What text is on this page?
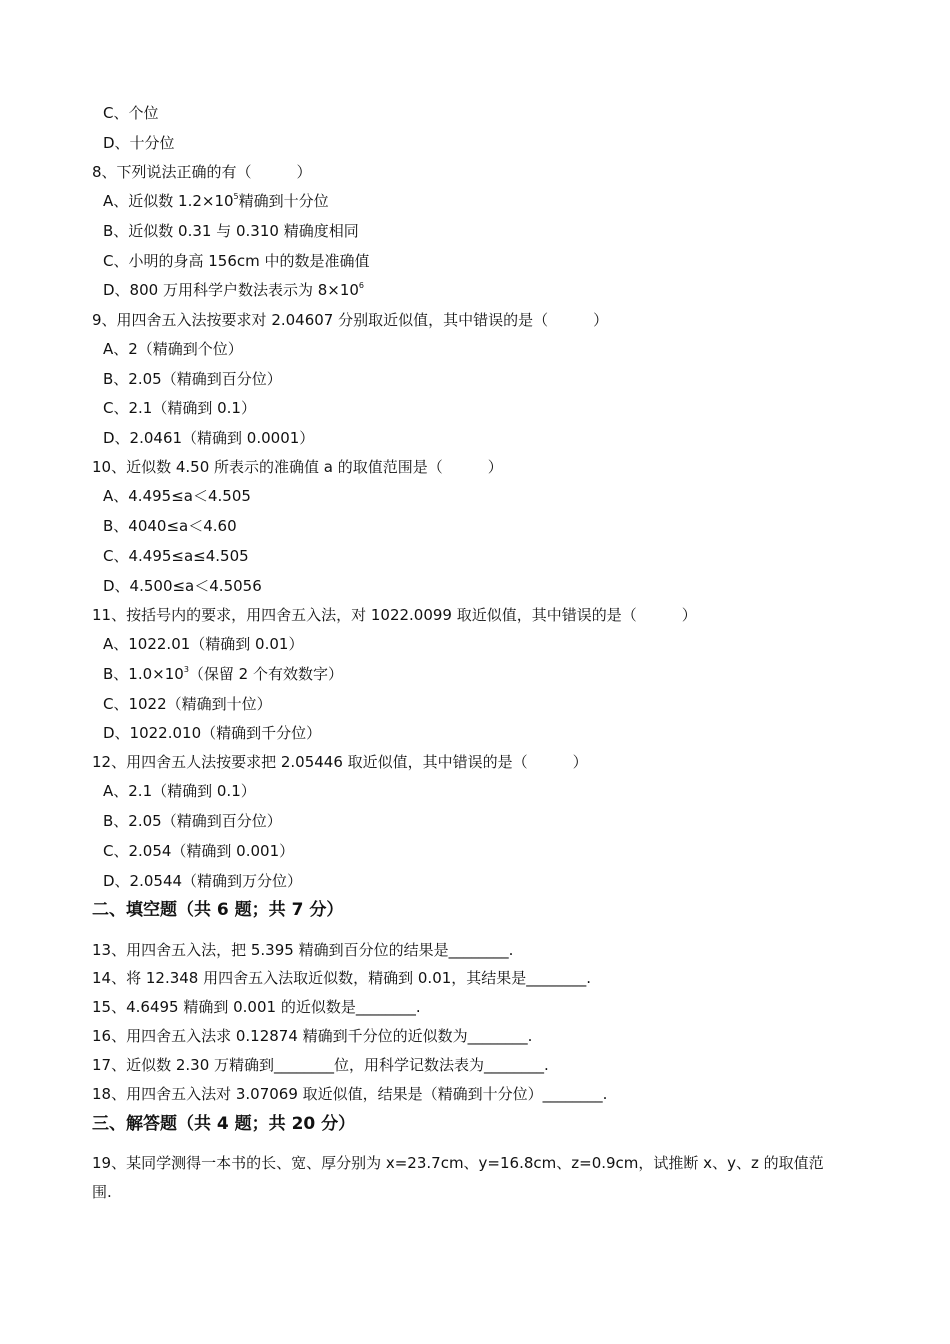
C、个位
D、十分位
8、下列说法正确的有（　　　）
A、近似数 $1.2\times 10^5$精确到十分位
B、近似数 0.31 与 0.310 精确度相同
C、小明的身高 156cm 中的数是准确值
D、800 万用科学户数法表示为 $8\times 10^6$
9、用四舍五入法按要求对 2.04607 分别取近似值，其中错误的是（　　　）
A、2（精确到个位）
B、2.05（精确到百分位）
C、2.1（精确到 0.1）
D、2.0461（精确到 0.0001）
10、近似数 4.50 所表示的准确值 a 的取值范围是（　　　）
A、4.495≤a＜4.505
B、4040≤a＜4.60
C、4.495≤a≤4.505
D、4.500≤a＜4.5056
11、按括号内的要求，用四舍五入法，对 1022.0099 取近似值，其中错误的是（　　　）
A、1022.01（精确到 0.01）
B、$1.0\times 10^3$（保留 2 个有效数字）
C、1022（精确到十位）
D、1022.010（精确到千分位）
12、用四舍五人法按要求把 2.05446 取近似值，其中错误的是（　　　）
A、2.1（精确到 0.1）
B、2.05（精确到百分位）
C、2.054（精确到 0.001）
D、2.0544（精确到万分位）
二、填空题（共 6 题；共 7 分）
13、用四舍五入法，把 5.395 精确到百分位的结果是________.
14、将 12.348 用四舍五入法取近似数，精确到 0.01，其结果是________.
15、4.6495 精确到 0.001 的近似数是________.
16、用四舍五入法求 0.12874 精确到千分位的近似数为________.
17、近似数 2.30 万精确到________位，用科学记数法表为________.
18、用四舍五入法对 3.07069 取近似值，结果是（精确到十分位）________.
三、解答题（共 4 题；共 20 分）
19、某同学测得一本书的长、宽、厚分别为 x=23.7cm、y=16.8cm、z=0.9cm，试推断 x、y、z 的取值范围.
